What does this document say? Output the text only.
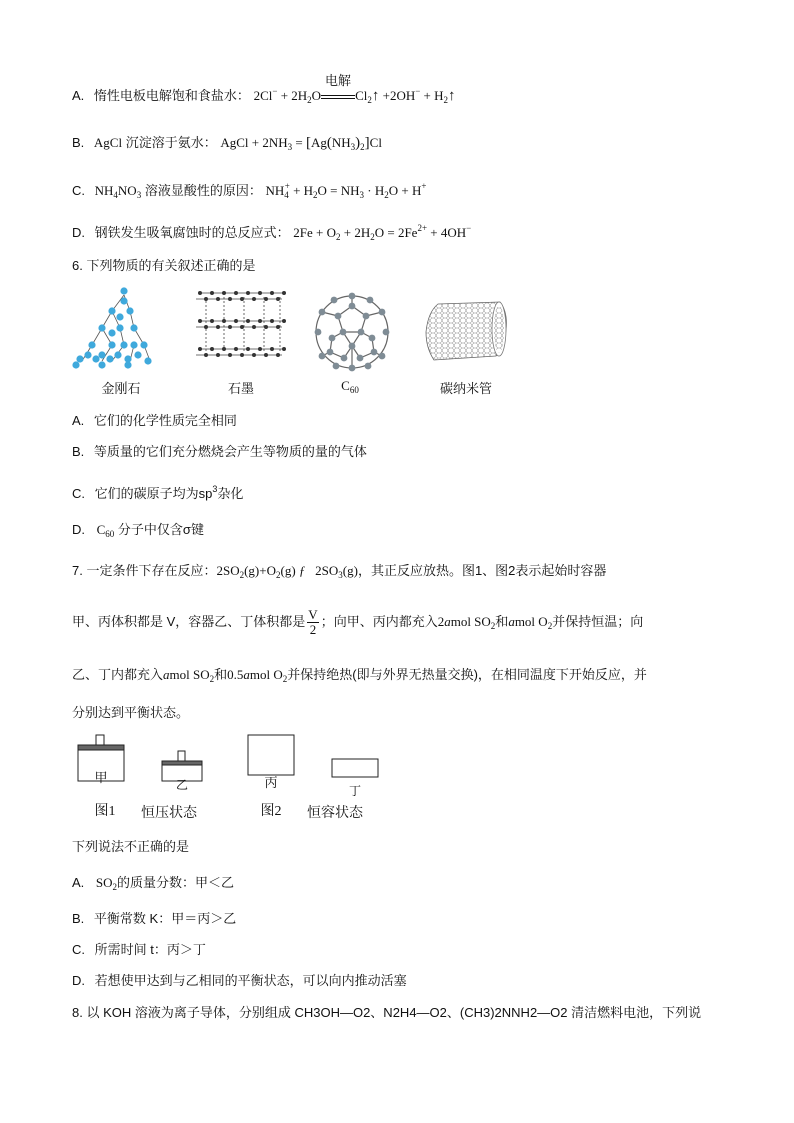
A. 惰性电板电解饱和食盐水： $2Cl^- + 2H_2O$
电解
$Cl_2↑ +2OH^-$ + $H_2↑$
B. AgCl 沉淀溶于氨水： AgCl + $2NH_3 = [Ag(NH_3)_2]Cl$
C. $NH_4NO_3$ 溶液显酸性的原因： $NH_4^+ + H_2O = NH_3 \cdot H_2O + H^+$
D. 钢铁发生吸氧腐蚀时的总反应式： $2Fe + O_2 + 2H_2O = 2Fe^{2+} + 4OH^-$
6. 下列物质的有关叙述正确的是
金刚石	石墨	$C_{60}$	碳纳米管
A. 它们的化学性质完全相同
B. 等质量的它们充分燃烧会产生等物质的量的气体
C. 它们的碳原子均为$sp^3$杂化
D. $C_{60}$ 分子中仅含σ键
7. 一定条件下存在反应：$2SO_2(g)+O_2(g)$ ƒ   $2SO_3(g)$，其正反应放热。图1、图2表示起始时容器
甲、丙体积都是 V，容器乙、丁体积都是 $\frac{V}{2}$ ；向甲、丙内都充入2amol $SO_2$和amol $O_2$并保持恒温；向
乙、丁内都充入amol $SO_2$和0.5amol $O_2$并保持绝热(即与外界无热量交换)，在相同温度下开始反应，并
分别达到平衡状态。
甲	乙	丙
丁
图1	恒压状态	图2	恒容状态
下列说法不正确的是
A. $SO_2$的质量分数：甲＜乙
B. 平衡常数 K：甲＝丙＞乙
C. 所需时间 t：丙＞丁
D. 若想使甲达到与乙相同的平衡状态，可以向内推动活塞
8. 以 KOH 溶液为离子导体，分别组成 CH3OH—O2、N2H4—O2、(CH3)2NNH2—O2 清洁燃料电池，下列说
